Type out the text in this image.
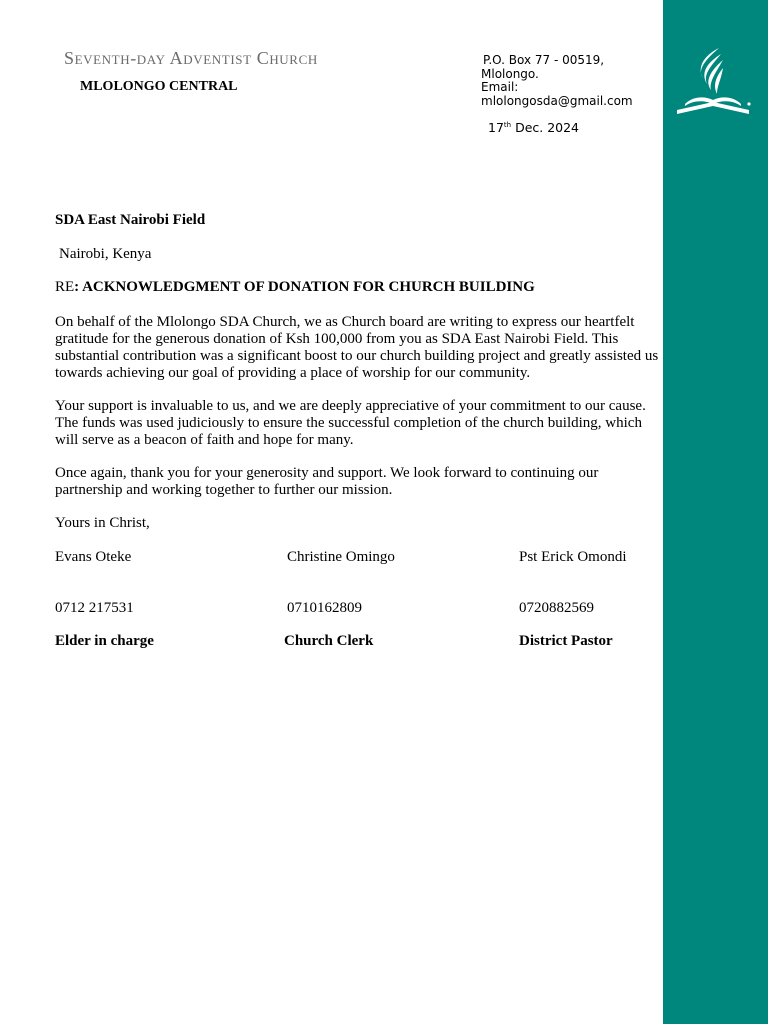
Seventh-day Adventist Church
MLOLONGO CENTRAL
P.O. Box 77 - 00519,
Mlolongo.
Email:
mlolongosda@gmail.com
17th Dec. 2024

SDA East Nairobi Field

Nairobi, Kenya

RE: ACKNOWLEDGMENT OF DONATION FOR CHURCH BUILDING

On behalf of the Mlolongo SDA Church, we as Church board are writing to express our heartfelt gratitude for the generous donation of Ksh 100,000 from you as SDA East Nairobi Field. This substantial contribution was a significant boost to our church building project and greatly assisted us towards achieving our goal of providing a place of worship for our community.

Your support is invaluable to us, and we are deeply appreciative of your commitment to our cause. The funds was used judiciously to ensure the successful completion of the church building, which will serve as a beacon of faith and hope for many.

Once again, thank you for your generosity and support. We look forward to continuing our partnership and working together to further our mission.

Yours in Christ,

Evans Oteke	Christine Omingo	Pst Erick Omondi

0712 217531	0710162809	0720882569

Elder in charge	Church Clerk	District Pastor
